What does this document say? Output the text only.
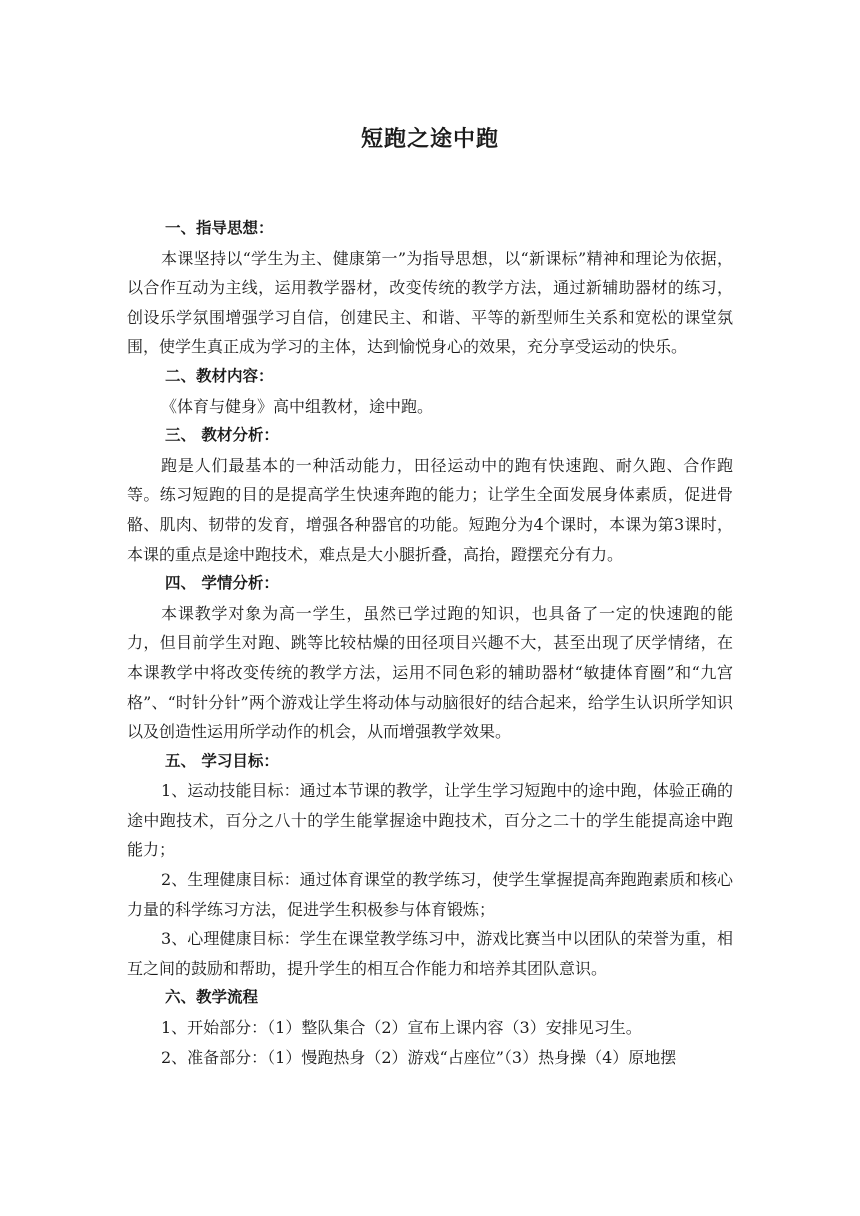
短跑之途中跑

一、指导思想：

本课坚持以“学生为主、健康第一”为指导思想，以“新课标”精神和理论为依据，以合作互动为主线，运用教学器材，改变传统的教学方法，通过新辅助器材的练习，创设乐学氛围增强学习自信，创建民主、和谐、平等的新型师生关系和宽松的课堂氛围，使学生真正成为学习的主体，达到愉悦身心的效果，充分享受运动的快乐。

二、教材内容：

《体育与健身》高中组教材，途中跑。

三、 教材分析：

跑是人们最基本的一种活动能力，田径运动中的跑有快速跑、耐久跑、合作跑等。练习短跑的目的是提高学生快速奔跑的能力；让学生全面发展身体素质，促进骨骼、肌肉、韧带的发育，增强各种器官的功能。短跑分为4个课时，本课为第3课时，本课的重点是途中跑技术，难点是大小腿折叠，高抬，蹬摆充分有力。

四、 学情分析：

本课教学对象为高一学生，虽然已学过跑的知识，也具备了一定的快速跑的能力，但目前学生对跑、跳等比较枯燥的田径项目兴趣不大，甚至出现了厌学情绪，在本课教学中将改变传统的教学方法，运用不同色彩的辅助器材“敏捷体育圈”和“九宫格”、“时针分针”两个游戏让学生将动体与动脑很好的结合起来，给学生认识所学知识以及创造性运用所学动作的机会，从而增强教学效果。

五、 学习目标：

1、运动技能目标：通过本节课的教学，让学生学习短跑中的途中跑，体验正确的途中跑技术，百分之八十的学生能掌握途中跑技术，百分之二十的学生能提高途中跑能力；

2、生理健康目标：通过体育课堂的教学练习，使学生掌握提高奔跑跑素质和核心力量的科学练习方法，促进学生积极参与体育锻炼；

3、心理健康目标：学生在课堂教学练习中，游戏比赛当中以团队的荣誉为重，相互之间的鼓励和帮助，提升学生的相互合作能力和培养其团队意识。

六、教学流程

1、开始部分：（1）整队集合（2）宣布上课内容（3）安排见习生。

2、准备部分：（1）慢跑热身（2）游戏“占座位”（3）热身操（4）原地摆
